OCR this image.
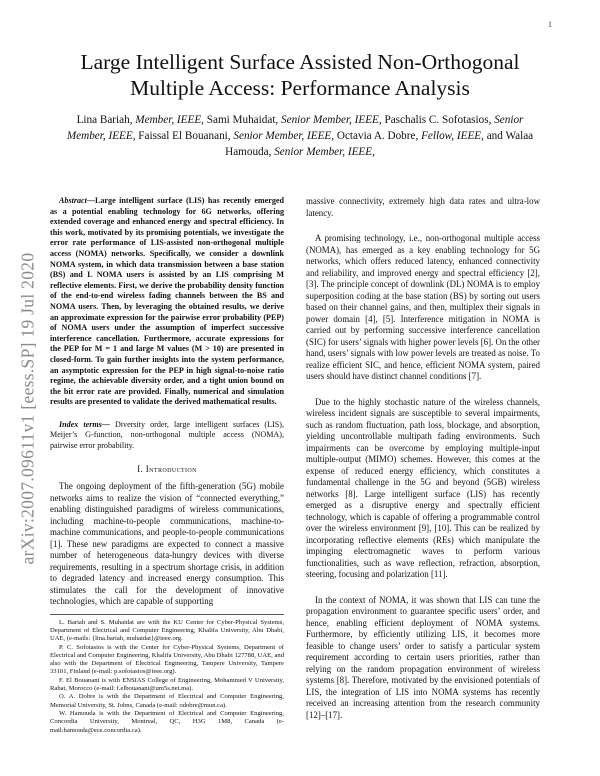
1
arXiv:2007.09611v1 [eess.SP] 19 Jul 2020
Large Intelligent Surface Assisted Non-Orthogonal Multiple Access: Performance Analysis
Lina Bariah, Member, IEEE, Sami Muhaidat, Senior Member, IEEE, Paschalis C. Sofotasios, Senior Member, IEEE, Faissal El Bouanani, Senior Member, IEEE, Octavia A. Dobre, Fellow, IEEE, and Walaa Hamouda, Senior Member, IEEE,

Abstract—Large intelligent surface (LIS) has recently emerged as a potential enabling technology for 6G networks, offering extended coverage and enhanced energy and spectral efficiency. In this work, motivated by its promising potentials, we investigate the error rate performance of LIS-assisted non-orthogonal multiple access (NOMA) networks. Specifically, we consider a downlink NOMA system, in which data transmission between a base station (BS) and L NOMA users is assisted by an LIS comprising M reflective elements. First, we derive the probability density function of the end-to-end wireless fading channels between the BS and NOMA users. Then, by leveraging the obtained results, we derive an approximate expression for the pairwise error probability (PEP) of NOMA users under the assumption of imperfect successive interference cancellation. Furthermore, accurate expressions for the PEP for M = 1 and large M values (M > 10) are presented in closed-form. To gain further insights into the system performance, an asymptotic expression for the PEP in high signal-to-noise ratio regime, the achievable diversity order, and a tight union bound on the bit error rate are provided. Finally, numerical and simulation results are presented to validate the derived mathematical results.

Index terms— Diversity order, large intelligent surfaces (LIS), Meijer’s G-function, non-orthogonal multiple access (NOMA), pairwise error probability.

I. Introduction

The ongoing deployment of the fifth-generation (5G) mobile networks aims to realize the vision of “connected everything,” enabling distinguished paradigms of wireless communications, including machine-to-people communications, machine-to-machine communications, and people-to-people communications [1]. These new paradigms are expected to connect a massive number of heterogeneous data-hungry devices with diverse requirements, resulting in a spectrum shortage crisis, in addition to degraded latency and increased energy consumption. This stimulates the call for the development of innovative technologies, which are capable of supporting

L. Bariah and S. Muhaidat are with the KU Center for Cyber-Physical Systems, Department of Electrical and Computer Engineering, Khalifa University, Abu Dhabi, UAE, (e-mails: {lina.bariah, muhaidat}@ieee.org.

P. C. Sofotasios is with the Center for Cyber-Physical Systems, Department of Electrical and Computer Engineering, Khalifa University, Abu Dhabi 127788, UAE, and also with the Department of Electrical Engineering, Tampere University, Tampere 33101, Finland (e-mail: p.sofotasios@ieee.org).

F. El Bouanani is with ENSIAS College of Engineering, Mohammed V University, Rabat, Morocco (e-mail: f.elbouanani@um5s.net.ma).

O. A. Dobre is with the Department of Electrical and Computer Engineering, Memorial University, St. Johns, Canada (e-mail: odobre@mun.ca).

W. Hamouda is with the Department of Electrical and Computer Engineering, Concordia University, Montreal, QC, H3G 1M8, Canada (e-mail:hamouda@ece.concordia.ca).

massive connectivity, extremely high data rates and ultra-low latency.

A promising technology, i.e., non-orthogonal multiple access (NOMA), has emerged as a key enabling technology for 5G networks, which offers reduced latency, enhanced connectivity and reliability, and improved energy and spectral efficiency [2], [3]. The principle concept of downlink (DL) NOMA is to employ superposition coding at the base station (BS) by sorting out users based on their channel gains, and then, multiplex their signals in power domain [4], [5]. Interference mitigation in NOMA is carried out by performing successive interference cancellation (SIC) for users’ signals with higher power levels [6]. On the other hand, users’ signals with low power levels are treated as noise. To realize efficient SIC, and hence, efficient NOMA system, paired users should have distinct channel conditions [7].

Due to the highly stochastic nature of the wireless channels, wireless incident signals are susceptible to several impairments, such as random fluctuation, path loss, blockage, and absorption, yielding uncontrollable multipath fading environments. Such impairments can be overcome by employing multiple-input multiple-output (MIMO) schemes. However, this comes at the expense of reduced energy efficiency, which constitutes a fundamental challenge in the 5G and beyond (5GB) wireless networks [8]. Large intelligent surface (LIS) has recently emerged as a disruptive energy and spectrally efficient technology, which is capable of offering a programmable control over the wireless environment [9], [10]. This can be realized by incorporating reflective elements (REs) which manipulate the impinging electromagnetic waves to perform various functionalities, such as wave reflection, refraction, absorption, steering, focusing and polarization [11].

In the context of NOMA, it was shown that LIS can tune the propagation environment to guarantee specific users’ order, and hence, enabling efficient deployment of NOMA systems. Furthermore, by efficiently utilizing LIS, it becomes more feasible to change users’ order to satisfy a particular system requirement according to certain users priorities, rather than relying on the random propagation environment of wireless systems [8]. Therefore, motivated by the envisioned potentials of LIS, the integration of LIS into NOMA systems has recently received an increasing attention from the research community [12]–[17].
